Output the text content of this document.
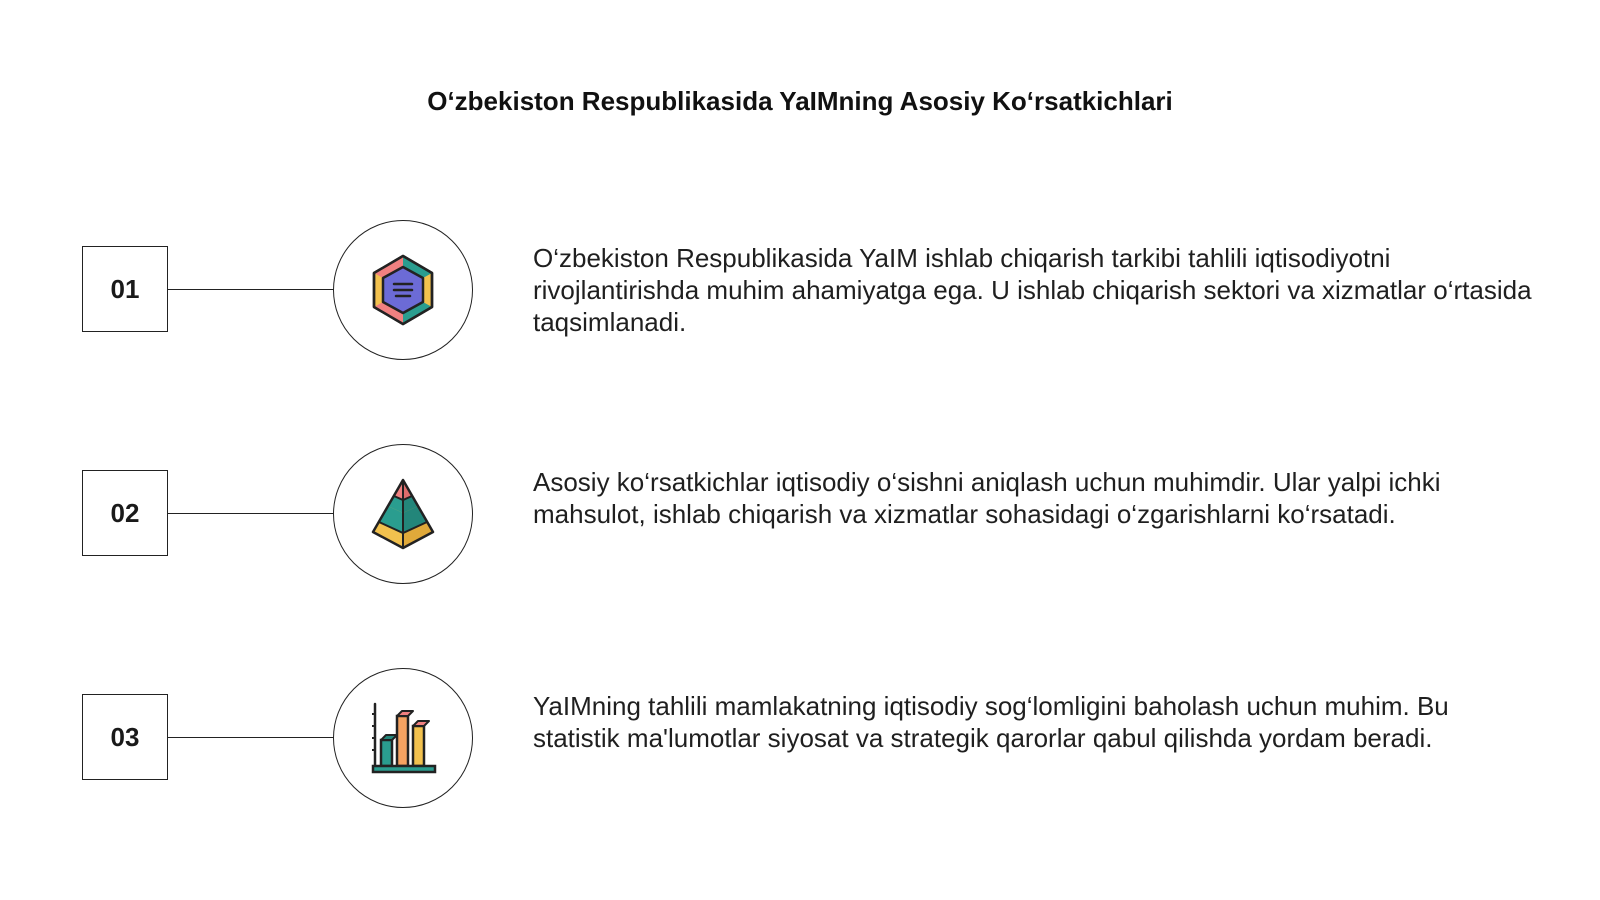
O‘zbekiston Respublikasida YaIMning Asosiy Ko‘rsatkichlari
01
O‘zbekiston Respublikasida YaIM ishlab chiqarish tarkibi tahlili iqtisodiyotni rivojlantirishda muhim ahamiyatga ega. U ishlab chiqarish sektori va xizmatlar o‘rtasida taqsimlanadi.
02
Asosiy ko‘rsatkichlar iqtisodiy o‘sishni aniqlash uchun muhimdir. Ular yalpi ichki mahsulot, ishlab chiqarish va xizmatlar sohasidagi o‘zgarishlarni ko‘rsatadi.
03
YaIMning tahlili mamlakatning iqtisodiy sog‘lomligini baholash uchun muhim. Bu statistik ma'lumotlar siyosat va strategik qarorlar qabul qilishda yordam beradi.
